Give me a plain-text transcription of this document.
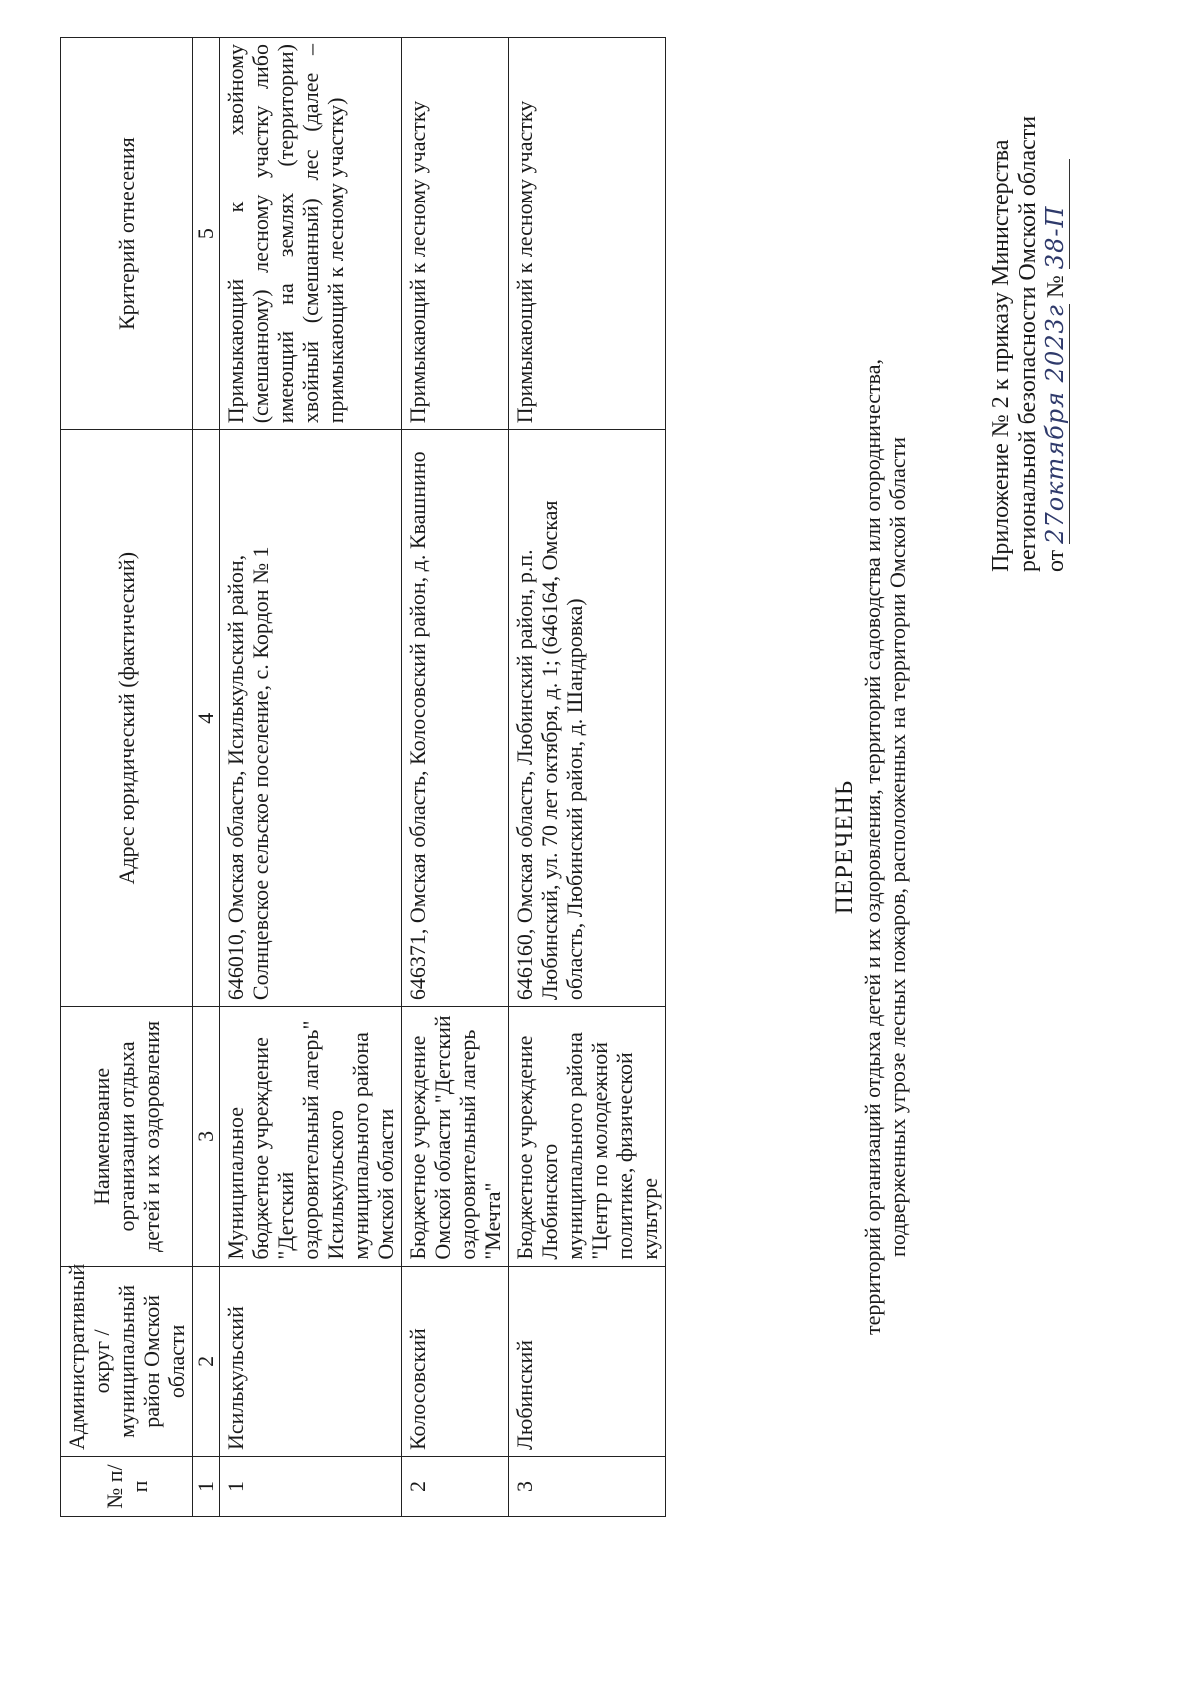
Приложение № 2 к приказу Министерства региональной безопасности Омской области от 27октября 2023г № 38-П
ПЕРЕЧЕНЬ территорий организаций отдыха детей и их оздоровления, территорий садоводства или огородничества, подверженных угрозе лесных пожаров, расположенных на территории Омской области
№ п/п	Административный округ / муниципальный район Омской области	Наименование организации отдыха детей и их оздоровления	Адрес юридический (фактический)	Критерий отнесения
1	2	3	4	5
1	Исилькульский	Муниципальное бюджетное учреждение "Детский оздоровительный лагерь" Исилькульского муниципального района Омской области	646010, Омская область, Исилькульский район, Солнцевское сельское поселение, с. Кордон № 1	Примыкающий к хвойному (смешанному) лесному участку либо имеющий на землях (территории) хвойный (смешанный) лес (далее – примыкающий к лесному участку)
2	Колосовский	Бюджетное учреждение Омской области "Детский оздоровительный лагерь "Мечта"	646371, Омская область, Колосовский район, д. Квашнино	Примыкающий к лесному участку
3	Любинский	Бюджетное учреждение Любинского муниципального района "Центр по молодежной политике, физической культуре	646160, Омская область, Любинский район, р.п. Любинский, ул. 70 лет октября, д. 1; (646164, Омская область, Любинский район, д. Шандровка)	Примыкающий к лесному участку
